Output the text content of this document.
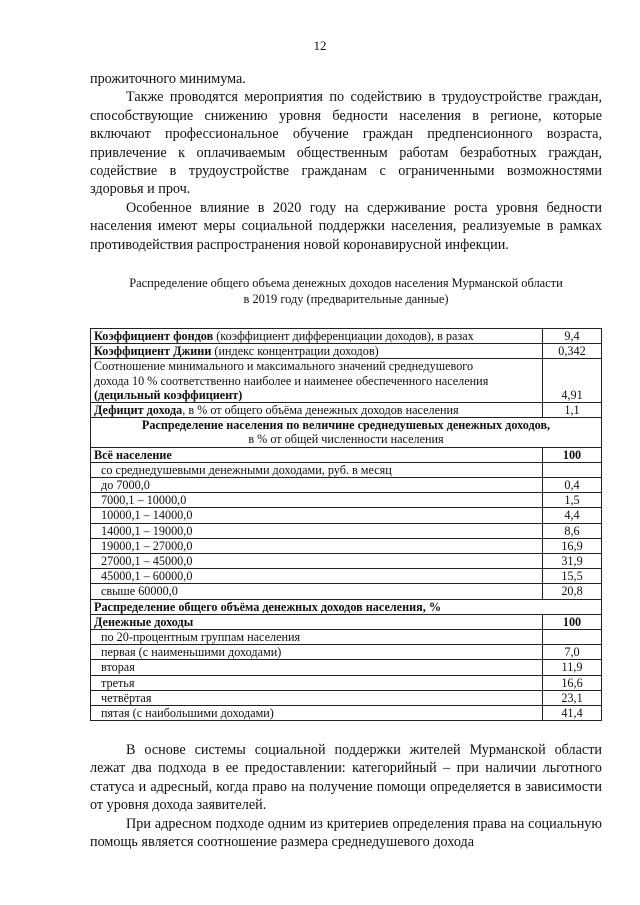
12

прожиточного минимума.

Также проводятся мероприятия по содействию в трудоустройстве граждан, способствующие снижению уровня бедности населения в регионе, которые включают профессиональное обучение граждан предпенсионного возраста, привлечение к оплачиваемым общественным работам безработных граждан, содействие в трудоустройстве гражданам с ограниченными возможностями здоровья и проч.

Особенное влияние в 2020 году на сдерживание роста уровня бедности населения имеют меры социальной поддержки населения, реализуемые в рамках противодействия распространения новой коронавирусной инфекции.

Распределение общего объема денежных доходов населения Мурманской области
в 2019 году (предварительные данные)
Коэффициент фондов (коэффициент дифференциации доходов), в разах	9,4
Коэффициент Джини (индекс концентрации доходов)	0,342

Соотношение минимального и максимального значений среднедушевого
дохода 10 % соответственно наиболее и наименее обеспеченного населения
(децильный коэффициент)	4,91
Дефицит дохода, в % от общего объёма денежных доходов населения	1,1

Распределение населения по величине среднедушевых денежных доходов,
в % от общей численности населения	

Всё население	100
со среднедушевыми денежными доходами, руб. в месяц	
до 7000,0	0,4
7000,1 – 10000,0	1,5
10000,1 – 14000,0	4,4
14000,1 – 19000,0	8,6
19000,1 – 27000,0	16,9
27000,1 – 45000,0	31,9
45000,1 – 60000,0	15,5
свыше 60000,0	20,8
Распределение общего объёма денежных доходов населения, %	
Денежные доходы	100
по 20-процентным группам населения	
первая (с наименьшими доходами)	7,0
вторая	11,9
третья	16,6
четвёртая	23,1
пятая (с наибольшими доходами)	41,4

В основе системы социальной поддержки жителей Мурманской области лежат два подхода в ее предоставлении: категорийный – при наличии льготного статуса и адресный, когда право на получение помощи определяется в зависимости от уровня дохода заявителей.

При адресном подходе одним из критериев определения права на социальную помощь является соотношение размера среднедушевого дохода
